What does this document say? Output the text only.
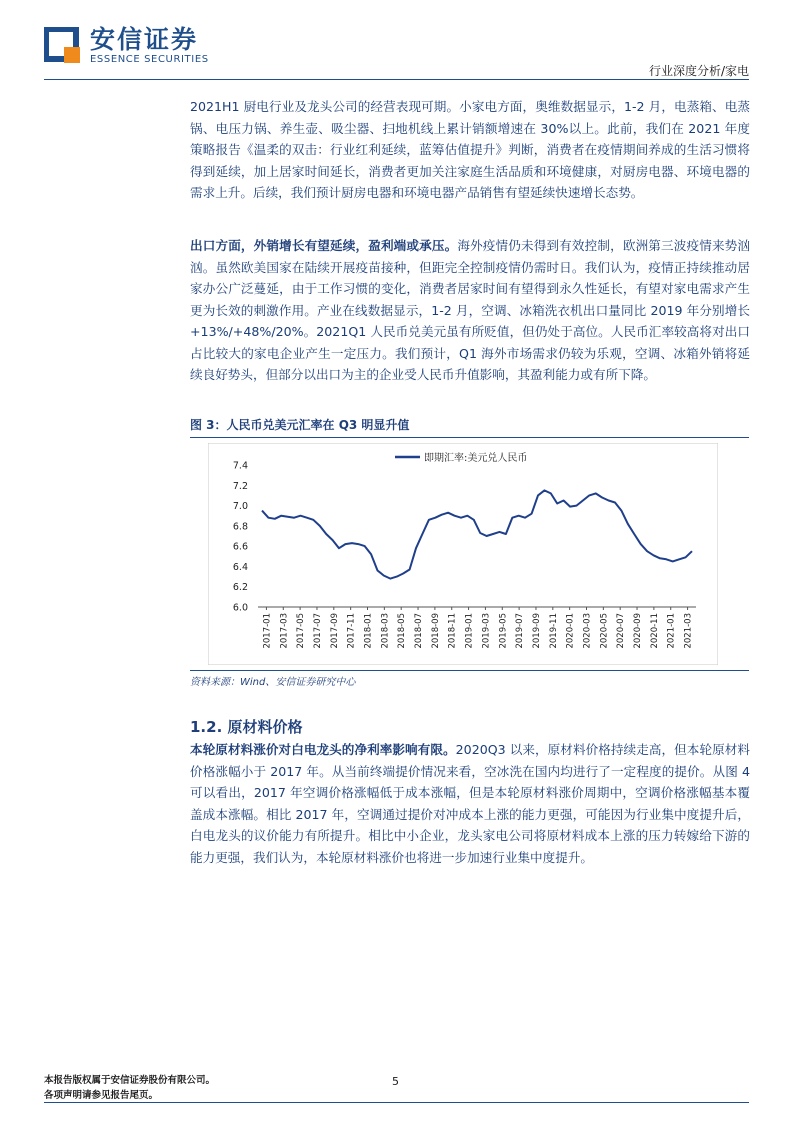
安信证券
ESSENCE SECURITIES
行业深度分析/家电

2021H1 厨电行业及龙头公司的经营表现可期。小家电方面，奥维数据显示，1-2 月，电蒸箱、电蒸锅、电压力锅、养生壶、吸尘器、扫地机线上累计销额增速在 30%以上。此前，我们在 2021 年度策略报告《温柔的双击：行业红利延续，蓝筹估值提升》判断，消费者在疫情期间养成的生活习惯将得到延续，加上居家时间延长，消费者更加关注家庭生活品质和环境健康，对厨房电器、环境电器的需求上升。后续，我们预计厨房电器和环境电器产品销售有望延续快速增长态势。

出口方面，外销增长有望延续，盈利端或承压。海外疫情仍未得到有效控制，欧洲第三波疫情来势汹汹。虽然欧美国家在陆续开展疫苗接种，但距完全控制疫情仍需时日。我们认为，疫情正持续推动居家办公广泛蔓延，由于工作习惯的变化，消费者居家时间有望得到永久性延长，有望对家电需求产生更为长效的刺激作用。产业在线数据显示，1-2 月，空调、冰箱洗衣机出口量同比 2019 年分别增长+13%/+48%/20%。2021Q1 人民币兑美元虽有所贬值，但仍处于高位。人民币汇率较高将对出口占比较大的家电企业产生一定压力。我们预计，Q1 海外市场需求仍较为乐观，空调、冰箱外销将延续良好势头，但部分以出口为主的企业受人民币升值影响，其盈利能力或有所下降。

图 3：人民币兑美元汇率在 Q3 明显升值
即期汇率:美元兑人民币
6.0
6.2
6.4
6.6
6.8
7.0
7.2
7.4
2017-01 2017-03 2017-05 2017-07 2017-09 2017-11 2018-01 2018-03 2018-05 2018-07 2018-09 2018-11 2019-01 2019-03 2019-05 2019-07 2019-09 2019-11 2020-01 2020-03 2020-05 2020-07 2020-09 2020-11 2021-01 2021-03
资料来源：Wind、安信证券研究中心
1.2. 原材料价格

本轮原材料涨价对白电龙头的净利率影响有限。2020Q3 以来，原材料价格持续走高，但本轮原材料价格涨幅小于 2017 年。从当前终端提价情况来看，空冰洗在国内均进行了一定程度的提价。从图 4 可以看出，2017 年空调价格涨幅低于成本涨幅，但是本轮原材料涨价周期中，空调价格涨幅基本覆盖成本涨幅。相比 2017 年，空调通过提价对冲成本上涨的能力更强，可能因为行业集中度提升后，白电龙头的议价能力有所提升。相比中小企业，龙头家电公司将原材料成本上涨的压力转嫁给下游的能力更强，我们认为，本轮原材料涨价也将进一步加速行业集中度提升。

本报告版权属于安信证券股份有限公司。
各项声明请参见报告尾页。
5
